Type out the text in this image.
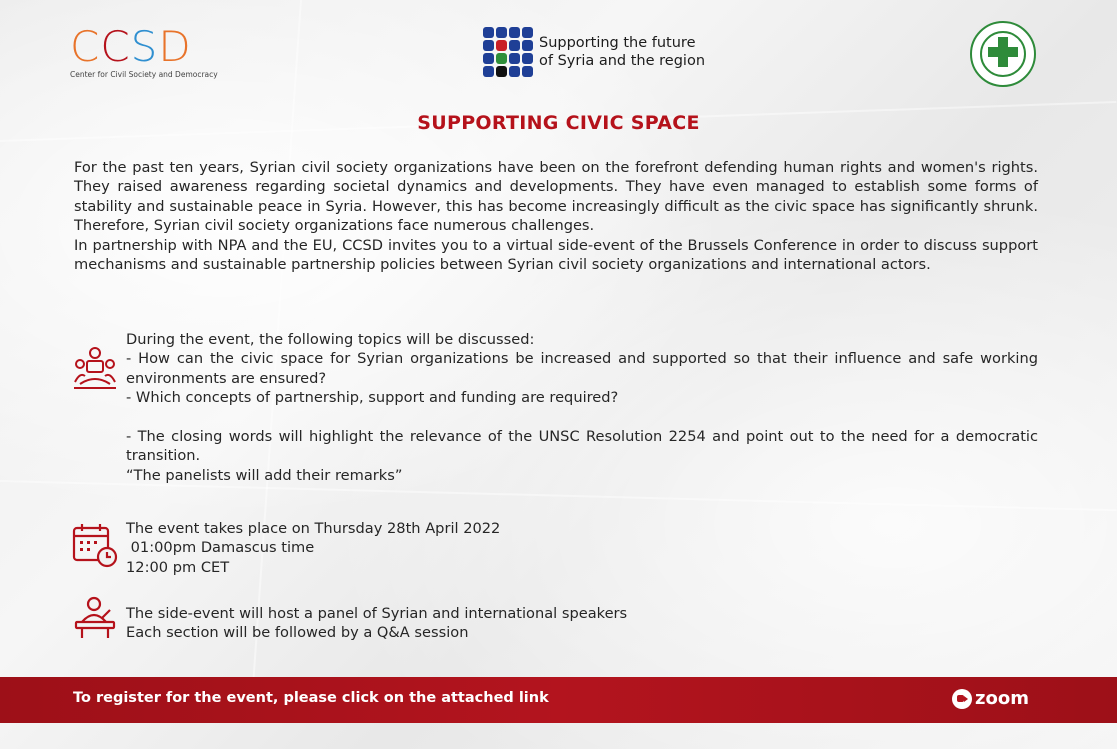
CCSD
Center for Civil Society and Democracy
Supporting the future
of Syria and the region
SUPPORTING CIVIC SPACE

For the past ten years, Syrian civil society organizations have been on the forefront defending human rights and women's rights. They raised awareness regarding societal dynamics and developments. They have even managed to establish some forms of stability and sustainable peace in Syria. However, this has become increasingly difficult as the civic space has significantly shrunk. Therefore, Syrian civil society organizations face numerous challenges.

In partnership with NPA and the EU, CCSD invites you to a virtual side-event of the Brussels Conference in order to discuss support mechanisms and sustainable partnership policies between Syrian civil society organizations and international actors.

During the event, the following topics will be discussed:

- How can the civic space for Syrian organizations be increased and supported so that their influence and safe working environments are ensured?

- Which concepts of partnership, support and funding are required?

- The closing words will highlight the relevance of the UNSC Resolution 2254 and point out to the need for a democratic transition.

“The panelists will add their remarks”

The event takes place on Thursday 28th April 2022

01:00pm Damascus time

12:00 pm CET

The side-event will host a panel of Syrian and international speakers

Each section will be followed by a Q&A session

To register for the event, please click on the attached link	zoom
